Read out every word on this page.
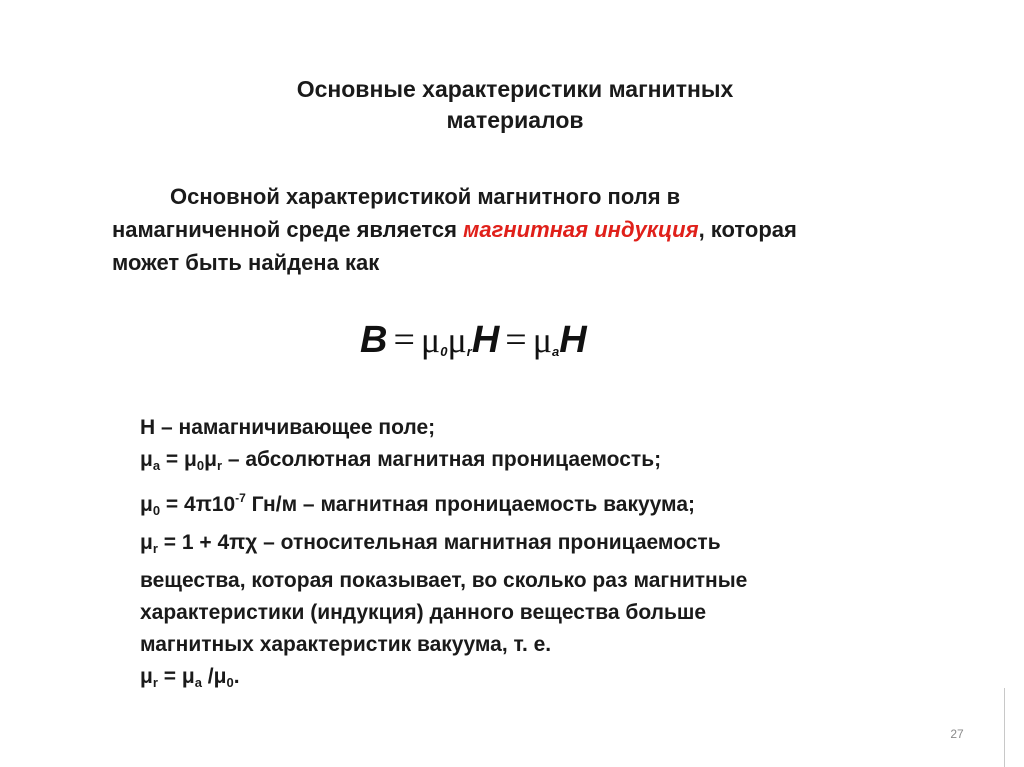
Основные характеристики магнитных
материалов
Основной характеристикой магнитного поля в
намагниченной среде является магнитная индукция, которая
может быть найдена как
$B = \mu_0\mu_rH = \mu_aH$
Н – намагничивающее поле;
$\mu_а = \mu_0\mu_r$ – абсолютная магнитная проницаемость;
$\mu_0 = 4\pi 10^{-7}$ Гн/м – магнитная проницаемость вакуума;
$\mu_r = 1 + 4\pi\chi$ – относительная магнитная проницаемость
вещества, которая показывает, во сколько раз магнитные
характеристики (индукция) данного вещества больше
магнитных характеристик вакуума, т. е.
$\mu_r = \mu_а$ $/\mu_0$.
27
